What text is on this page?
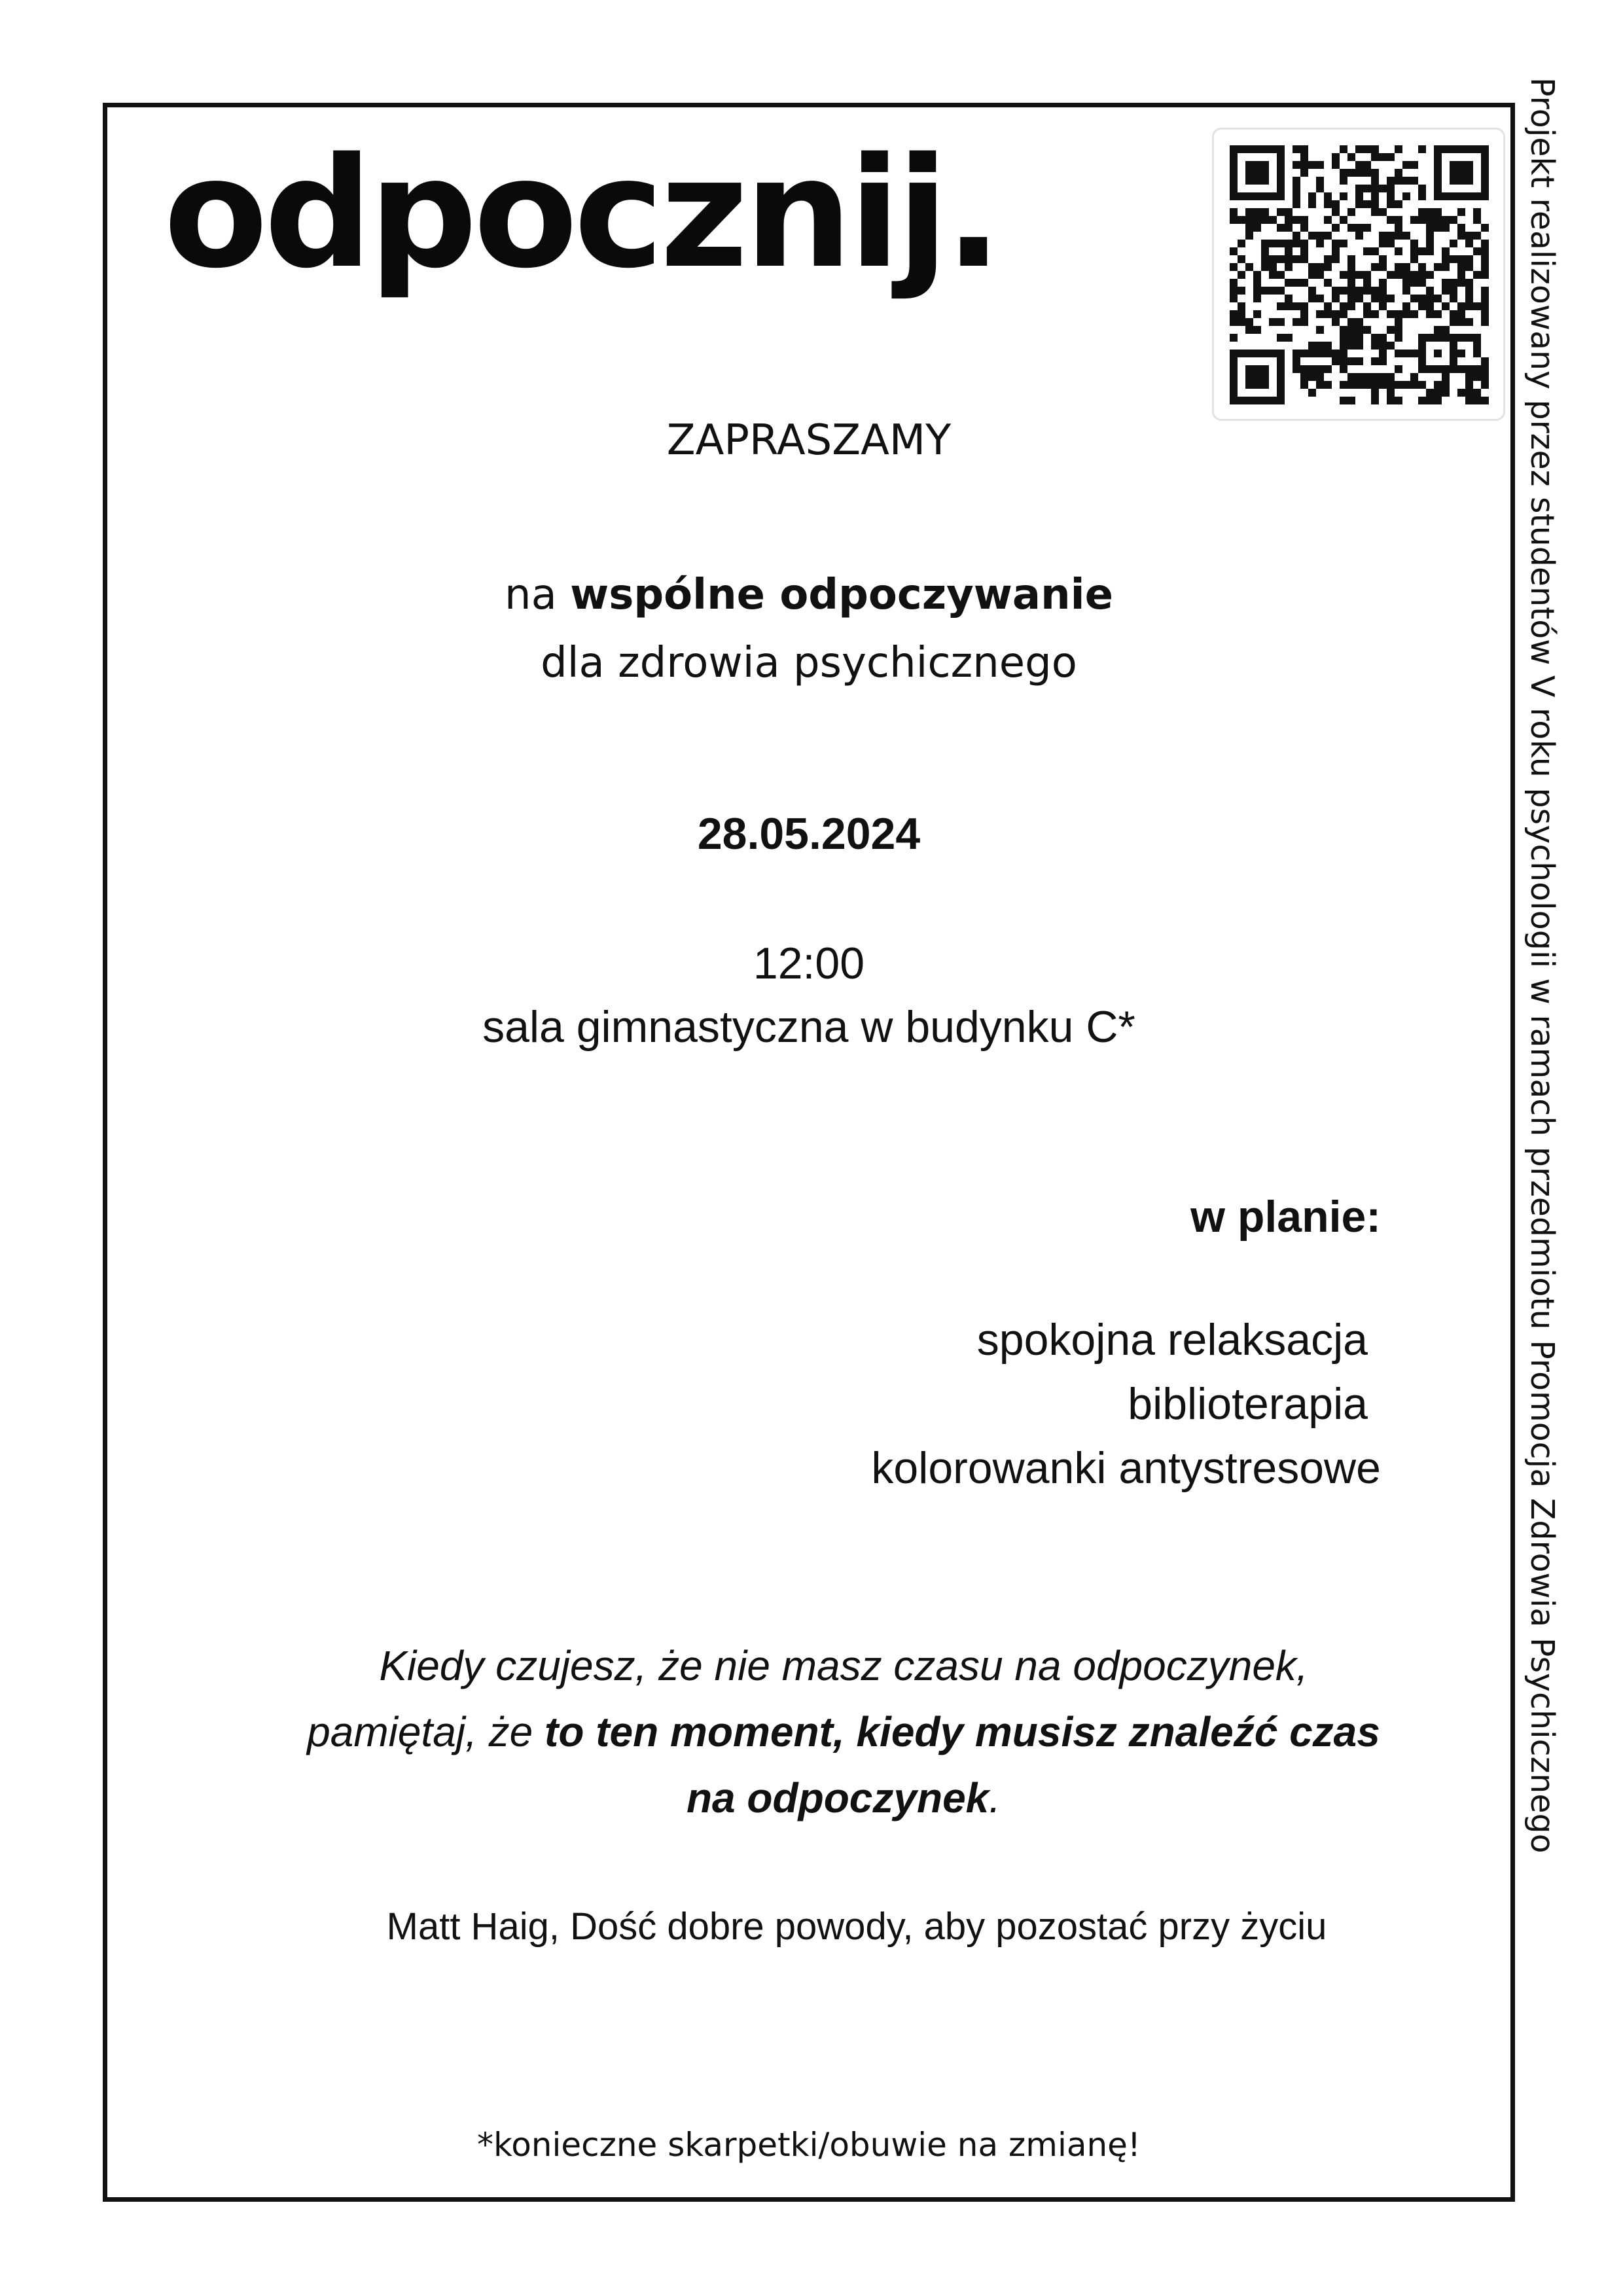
odpocznij.
ZAPRASZAMY
na wspólne odpoczywanie
dla zdrowia psychicznego
28.05.2024
12:00
sala gimnastyczna w budynku C*
w planie:
spokojna relaksacja
biblioterapia
kolorowanki antystresowe
Kiedy czujesz, że nie masz czasu na odpoczynek,
pamiętaj, że to ten moment, kiedy musisz znaleźć czas
na odpoczynek.
Matt Haig, Dość dobre powody, aby pozostać przy życiu
*konieczne skarpetki/obuwie na zmianę!
Projekt realizowany przez studentów V roku psychologii w ramach przedmiotu Promocja Zdrowia Psychicznego
